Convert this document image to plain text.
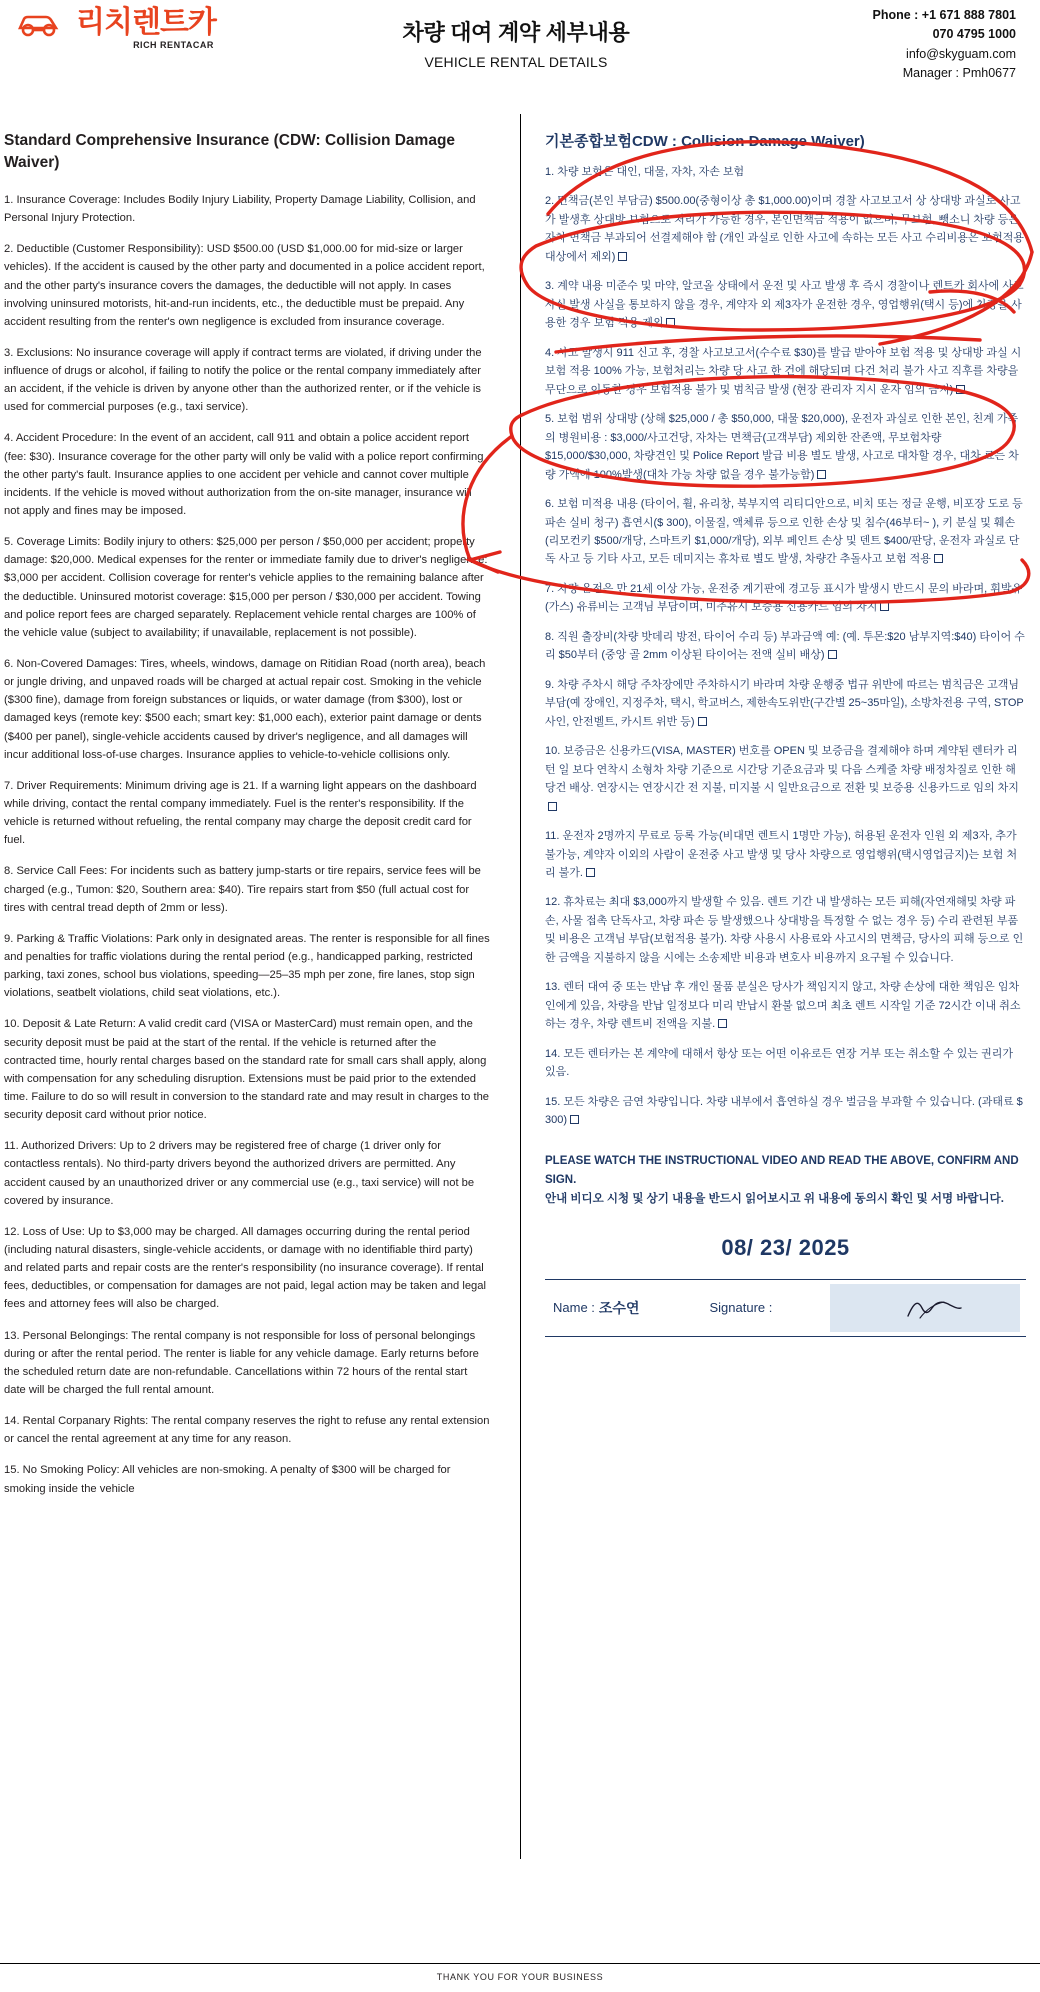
리치렌트카
RICH RENTACAR	차량 대여 계약 세부내용
VEHICLE RENTAL DETAILS
Phone : +1 671 888 7801
070 4795 1000
info@skyguam.com
Manager : Pmh0677
Standard Comprehensive Insurance (CDW: Collision Damage Waiver)

1. Insurance Coverage: Includes Bodily Injury Liability, Property Damage Liability, Collision, and Personal Injury Protection.

2. Deductible (Customer Responsibility): USD $500.00 (USD $1,000.00 for mid-size or larger vehicles). If the accident is caused by the other party and documented in a police accident report, and the other party's insurance covers the damages, the deductible will not apply. In cases involving uninsured motorists, hit-and-run incidents, etc., the deductible must be prepaid. Any accident resulting from the renter's own negligence is excluded from insurance coverage.

3. Exclusions: No insurance coverage will apply if contract terms are violated, if driving under the influence of drugs or alcohol, if failing to notify the police or the rental company immediately after an accident, if the vehicle is driven by anyone other than the authorized renter, or if the vehicle is used for commercial purposes (e.g., taxi service).

4. Accident Procedure: In the event of an accident, call 911 and obtain a police accident report (fee: $30). Insurance coverage for the other party will only be valid with a police report confirming the other party's fault. Insurance applies to one accident per vehicle and cannot cover multiple incidents. If the vehicle is moved without authorization from the on-site manager, insurance will not apply and fines may be imposed.

5. Coverage Limits: Bodily injury to others: $25,000 per person / $50,000 per accident; property damage: $20,000. Medical expenses for the renter or immediate family due to driver's negligence: $3,000 per accident. Collision coverage for renter's vehicle applies to the remaining balance after the deductible. Uninsured motorist coverage: $15,000 per person / $30,000 per accident. Towing and police report fees are charged separately. Replacement vehicle rental charges are 100% of the vehicle value (subject to availability; if unavailable, replacement is not possible).

6. Non-Covered Damages: Tires, wheels, windows, damage on Ritidian Road (north area), beach or jungle driving, and unpaved roads will be charged at actual repair cost. Smoking in the vehicle ($300 fine), damage from foreign substances or liquids, or water damage (from $300), lost or damaged keys (remote key: $500 each; smart key: $1,000 each), exterior paint damage or dents ($400 per panel), single-vehicle accidents caused by driver's negligence, and all damages will incur additional loss-of-use charges. Insurance applies to vehicle-to-vehicle collisions only.

7. Driver Requirements: Minimum driving age is 21. If a warning light appears on the dashboard while driving, contact the rental company immediately. Fuel is the renter's responsibility. If the vehicle is returned without refueling, the rental company may charge the deposit credit card for fuel.

8. Service Call Fees: For incidents such as battery jump-starts or tire repairs, service fees will be charged (e.g., Tumon: $20, Southern area: $40). Tire repairs start from $50 (full actual cost for tires with central tread depth of 2mm or less).

9. Parking & Traffic Violations: Park only in designated areas. The renter is responsible for all fines and penalties for traffic violations during the rental period (e.g., handicapped parking, restricted parking, taxi zones, school bus violations, speeding—25–35 mph per zone, fire lanes, stop sign violations, seatbelt violations, child seat violations, etc.).

10. Deposit & Late Return: A valid credit card (VISA or MasterCard) must remain open, and the security deposit must be paid at the start of the rental. If the vehicle is returned after the contracted time, hourly rental charges based on the standard rate for small cars shall apply, along with compensation for any scheduling disruption. Extensions must be paid prior to the extended time. Failure to do so will result in conversion to the standard rate and may result in charges to the security deposit card without prior notice.

11. Authorized Drivers: Up to 2 drivers may be registered free of charge (1 driver only for contactless rentals). No third-party drivers beyond the authorized drivers are permitted. Any accident caused by an unauthorized driver or any commercial use (e.g., taxi service) will not be covered by insurance.

12. Loss of Use: Up to $3,000 may be charged. All damages occurring during the rental period (including natural disasters, single-vehicle accidents, or damage with no identifiable third party) and related parts and repair costs are the renter's responsibility (no insurance coverage). If rental fees, deductibles, or compensation for damages are not paid, legal action may be taken and legal fees and attorney fees will also be charged.

13. Personal Belongings: The rental company is not responsible for loss of personal belongings during or after the rental period. The renter is liable for any vehicle damage. Early returns before the scheduled return date are non-refundable. Cancellations within 72 hours of the rental start date will be charged the full rental amount.

14. Rental Corpanary Rights: The rental company reserves the right to refuse any rental extension or cancel the rental agreement at any time for any reason.

15. No Smoking Policy: All vehicles are non-smoking. A penalty of $300 will be charged for smoking inside the vehicle

기본종합보험CDW : Collision Damage Waiver)

1. 차량 보험은 대인, 대물, 자차, 자손 보험

2. 면책금(본인 부담금) $500.00(중형이상 총 $1,000.00)이며 경찰 사고보고서 상 상대방 과실로 사고가 발생후 상대방 보험으로 처리가 가능한 경우, 본인면책금 적용이 없으며, 무보험, 뺑소니 차량 등은 자차 면책금 부과되어 선결제해야 함 (개인 과실로 인한 사고에 속하는 모든 사고 수리비용은 보험적용 대상에서 제외)

3. 계약 내용 미준수 및 마약, 알코올 상태에서 운전 및 사고 발생 후 즉시 경찰이나 렌트카 회사에 사고 사실 발생 사실을 통보하지 않을 경우, 계약자 외 제3자가 운전한 경우, 영업행위(택시 등)에 차량을 사용한 경우 보험 적용 제외

4. 사고 발생시 911 신고 후, 경찰 사고보고서(수수료 $30)를 발급 받아야 보험 적용 및 상대방 과실 시 보험 적용 100% 가능, 보험처리는 차량 당 사고 한 건에 해당되며 다건 처리 불가 사고 직후를 차량을 무단으로 이동한 경우 보험적용 불가 및 범칙금 발생 (현장 관리자 지시 운자 임의 금지)

5. 보험 범위 상대방 (상해 $25,000 / 총 $50,000, 대물 $20,000), 운전자 과실로 인한 본인, 친계 가족의 병원비용 : $3,000/사고건당, 자차는 면책금(고객부담) 제외한 잔존액, 무보험차량 $15,000/$30,000, 차량견인 및 Police Report 발급 비용 별도 발생, 사고로 대차할 경우, 대차 료는 차량 가액에 100%발생(대차 가능 차량 없을 경우 불가능함)

6. 보험 미적용 내용 (타이어, 휠, 유리창, 북부지역 리티디안으로, 비치 또는 정글 운행, 비포장 도로 등 파손 실비 청구) 흡연시($ 300), 이물질, 액체류 등으로 인한 손상 및 침수(46부터~ ), 키 분실 및 훼손(리모컨키 $500/개당, 스마트키 $1,000/개당), 외부 페인트 손상 및 덴트 $400/판당, 운전자 과실로 단독 사고 등 기타 사고, 모든 데미지는 휴차료 별도 발생, 차량간 추돌사고 보험 적용

7. 차량 운전은 만 21세 이상 가능, 운전중 계기판에 경고등 표시가 발생시 반드시 문의 바라며, 휘발유(가스) 유류비는 고객님 부담이며, 미주유시 보증용 신용카드 임의 차지

8. 직원 출장비(차량 밧데리 방전, 타이어 수리 등) 부과금액 예: (예. 투몬:$20 남부지역:$40) 타이어 수리 $50부터 (중앙 골 2mm 이상된 타이어는 전액 실비 배상)

9. 차량 주차시 해당 주차장에만 주차하시기 바라며 차량 운행중 법규 위반에 따르는 범칙금은 고객님 부담(예 장애인, 지정주차, 택시, 학교버스, 제한속도위반(구간별 25~35마일), 소방차전용 구역, STOP사인, 안전벨트, 카시트 위반 등)

10. 보증금은 신용카드(VISA, MASTER) 번호를 OPEN 및 보증금을 결제해야 하며 계약된 렌터카 리턴 일 보다 연착시 소형차 차량 기준으로 시간당 기준요금과 및 다음 스케줄 차량 배정차질로 인한 해당건 배상. 연장시는 연장시간 전 지불, 미지불 시 일반요금으로 전환 및 보증용 신용카드로 임의 차지

11. 운전자 2명까지 무료로 등록 가능(비대면 렌트시 1명만 가능), 허용된 운전자 인원 외 제3자, 추가 불가능, 계약자 이외의 사람이 운전중 사고 발생 및 당사 차량으로 영업행위(택시영업금지)는 보험 처리 불가.

12. 휴차료는 최대 $3,000까지 발생할 수 있음. 렌트 기간 내 발생하는 모든 피해(자연재해및 차량 파손, 사물 접촉 단독사고, 차량 파손 등 발생했으나 상대방을 특정할 수 없는 경우 등) 수리 관련된 부품 및 비용은 고객님 부담(보험적용 불가). 차량 사용시 사용료와 사고시의 면책금, 당사의 피해 등으로 인한 금액을 지불하지 않을 시에는 소송제반 비용과 변호사 비용까지 요구될 수 있습니다.

13. 렌터 대여 중 또는 반납 후 개인 물품 분실은 당사가 책임지지 않고, 차량 손상에 대한 책임은 임차인에게 있음, 차량을 반납 일정보다 미리 반납시 환불 없으며 최초 렌트 시작일 기준 72시간 이내 취소하는 경우, 차량 렌트비 전액을 지불.

14. 모든 렌터카는 본 계약에 대해서 항상 또는 어떤 이유로든 연장 거부 또는 취소할 수 있는 권리가 있음.

15. 모든 차량은 금연 차량입니다. 차량 내부에서 흡연하실 경우 벌금을 부과할 수 있습니다. (과태료 $ 300)

PLEASE WATCH THE INSTRUCTIONAL VIDEO AND READ THE ABOVE, CONFIRM AND SIGN.
안내 비디오 시청 및 상기 내용을 반드시 읽어보시고 위 내용에 동의시 확인 및 서명 바랍니다.
08/ 23/ 2025
Name : 조수연	Signature :
THANK YOU FOR YOUR BUSINESS
